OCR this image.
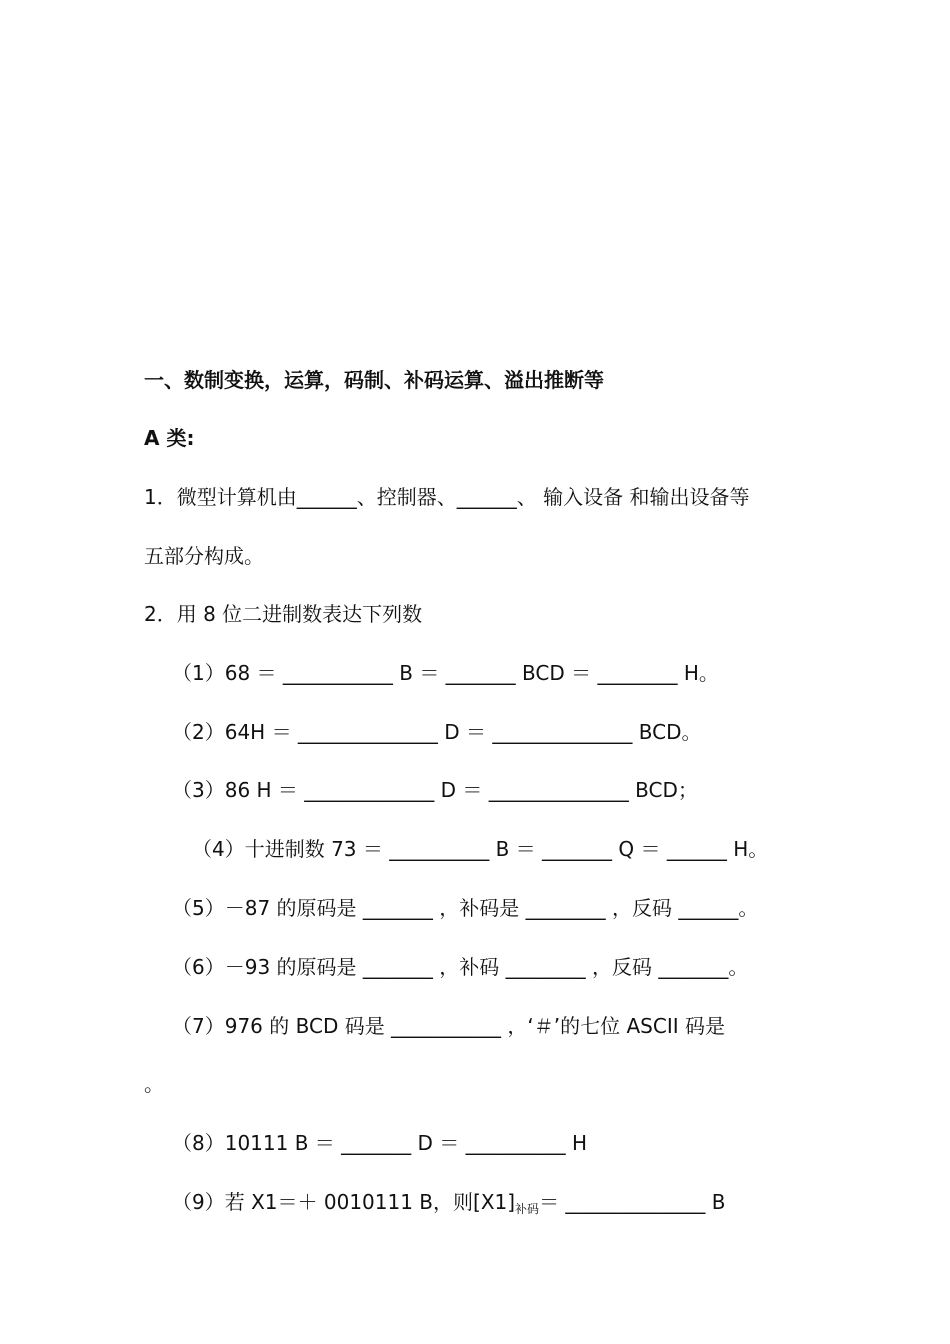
一、数制变换，运算，码制、补码运算、溢出推断等
A 类:
1．微型计算机由______、控制器、______、 输入设备 和输出设备等
五部分构成。
2．用 8 位二进制数表达下列数
（1）68 ＝ ___________ B ＝ _______ BCD ＝ ________ H。
（2）64H ＝ ______________ D ＝ ______________ BCD。
（3）86 H ＝ _____________ D ＝ ______________ BCD；
（4）十进制数 73 ＝ __________ B ＝ _______ Q ＝ ______ H。
（5）－87 的原码是 _______ ，补码是 ________ ，反码 ______。
（6）－93 的原码是 _______ ，补码 ________ ，反码 _______。
（7）976 的 BCD 码是 ___________ ，‘＃’的七位 ASCII 码是
。
（8）10111 B ＝ _______ D ＝ __________ H
（9）若 X1＝＋ 0010111 B，则$[X1]_{补码}=$ ______________ B
